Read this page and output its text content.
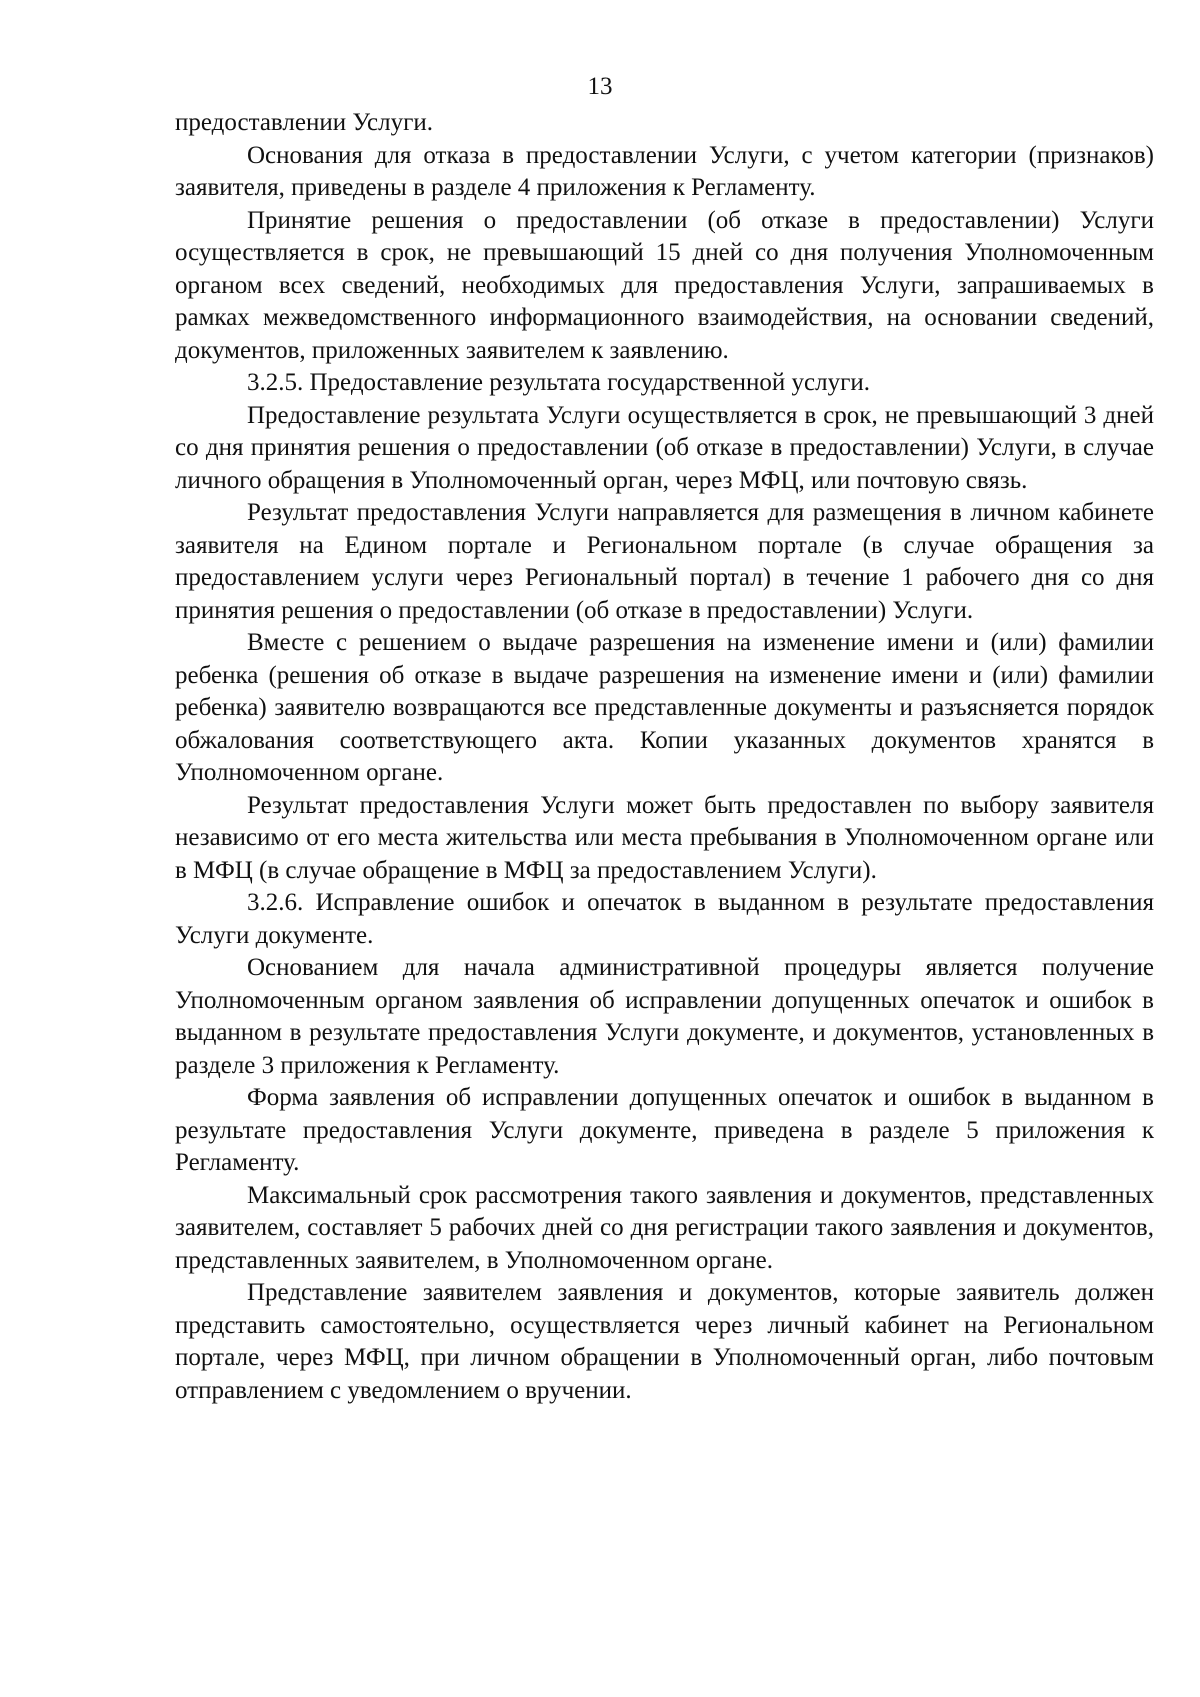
13

предоставлении Услуги.

Основания для отказа в предоставлении Услуги, с учетом категории (признаков) заявителя, приведены в разделе 4 приложения к Регламенту.

Принятие решения о предоставлении (об отказе в предоставлении) Услуги осуществляется в срок, не превышающий 15 дней со дня получения Уполномоченным органом всех сведений, необходимых для предоставления Услуги, запрашиваемых в рамках межведомственного информационного взаимодействия, на основании сведений, документов, приложенных заявителем к заявлению.

3.2.5. Предоставление результата государственной услуги.

Предоставление результата Услуги осуществляется в срок, не превышающий 3 дней со дня принятия решения о предоставлении (об отказе в предоставлении) Услуги, в случае личного обращения в Уполномоченный орган, через МФЦ, или почтовую связь.

Результат предоставления Услуги направляется для размещения в личном кабинете заявителя на Едином портале и Региональном портале (в случае обращения за предоставлением услуги через Региональный портал) в течение 1 рабочего дня со дня принятия решения о предоставлении (об отказе в предоставлении) Услуги.

Вместе с решением о выдаче разрешения на изменение имени и (или) фамилии ребенка (решения об отказе в выдаче разрешения на изменение имени и (или) фамилии ребенка) заявителю возвращаются все представленные документы и разъясняется порядок обжалования соответствующего акта. Копии указанных документов хранятся в Уполномоченном органе.

Результат предоставления Услуги может быть предоставлен по выбору заявителя независимо от его места жительства или места пребывания в Уполномоченном органе или в МФЦ (в случае обращение в МФЦ за предоставлением Услуги).

3.2.6. Исправление ошибок и опечаток в выданном в результате предоставления Услуги документе.

Основанием для начала административной процедуры является получение Уполномоченным органом заявления об исправлении допущенных опечаток и ошибок в выданном в результате предоставления Услуги документе, и документов, установленных в разделе 3 приложения к Регламенту.

Форма заявления об исправлении допущенных опечаток и ошибок в выданном в результате предоставления Услуги документе, приведена в разделе 5 приложения к Регламенту.

Максимальный срок рассмотрения такого заявления и документов, представленных заявителем, составляет 5 рабочих дней со дня регистрации такого заявления и документов, представленных заявителем, в Уполномоченном органе.

Представление заявителем заявления и документов, которые заявитель должен представить самостоятельно, осуществляется через личный кабинет на Региональном портале, через МФЦ, при личном обращении в Уполномоченный орган, либо почтовым отправлением с уведомлением о вручении.
